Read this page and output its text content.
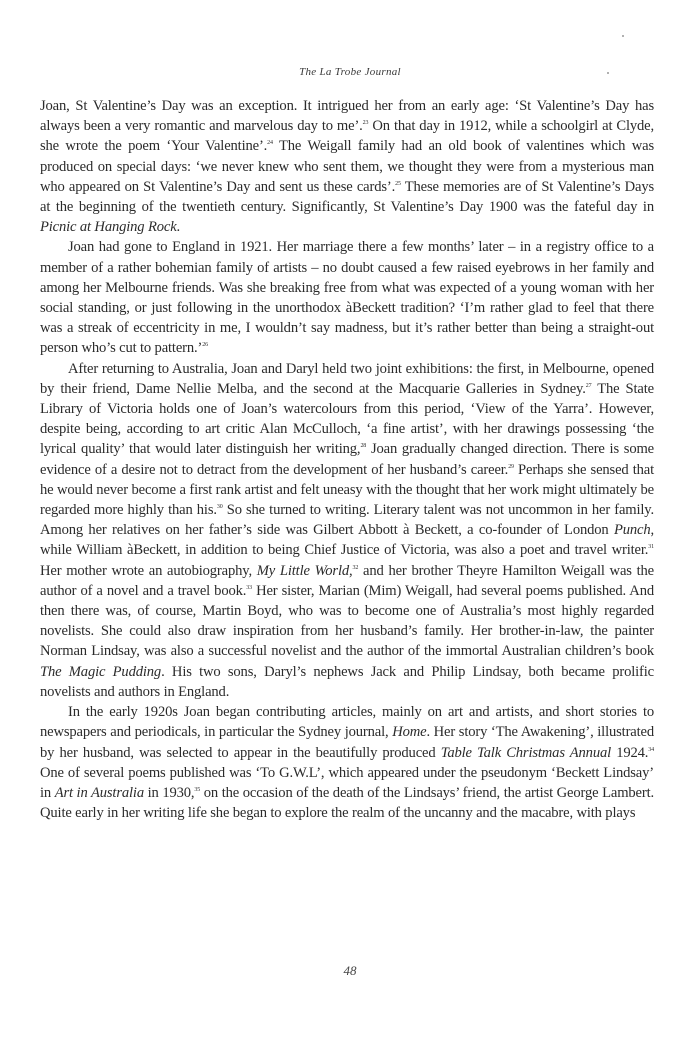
The La Trobe Journal

Joan, St Valentine’s Day was an exception. It intrigued her from an early age: ‘St Valentine’s Day has always been a very romantic and marvelous day to me’.$^{23}$ On that day in 1912, while a schoolgirl at Clyde, she wrote the poem ‘Your Valentine’.$^{24}$ The Weigall family had an old book of valentines which was produced on special days: ‘we never knew who sent them, we thought they were from a mysterious man who appeared on St Valentine’s Day and sent us these cards’.$^{25}$ These memories are of St Valentine’s Days at the beginning of the twentieth century. Significantly, St Valentine’s Day 1900 was the fateful day in Picnic at Hanging Rock.

Joan had gone to England in 1921. Her marriage there a few months’ later – in a registry office to a member of a rather bohemian family of artists – no doubt caused a few raised eyebrows in her family and among her Melbourne friends. Was she breaking free from what was expected of a young woman with her social standing, or just following in the unorthodox àBeckett tradition? ‘I’m rather glad to feel that there was a streak of eccentricity in me, I wouldn’t say madness, but it’s rather better than being a straight-out person who’s cut to pattern.’$^{26}$

After returning to Australia, Joan and Daryl held two joint exhibitions: the first, in Melbourne, opened by their friend, Dame Nellie Melba, and the second at the Macquarie Galleries in Sydney.$^{27}$ The State Library of Victoria holds one of Joan’s watercolours from this period, ‘View of the Yarra’. However, despite being, according to art critic Alan McCulloch, ‘a fine artist’, with her drawings possessing ‘the lyrical quality’ that would later distinguish her writing,$^{28}$ Joan gradually changed direction. There is some evidence of a desire not to detract from the development of her husband’s career.$^{29}$ Perhaps she sensed that he would never become a first rank artist and felt uneasy with the thought that her work might ultimately be regarded more highly than his.$^{30}$ So she turned to writing. Literary talent was not uncommon in her family. Among her relatives on her father’s side was Gilbert Abbott à Beckett, a co-founder of London Punch, while William àBeckett, in addition to being Chief Justice of Victoria, was also a poet and travel writer.$^{31}$ Her mother wrote an autobiography, My Little World,$^{32}$ and her brother Theyre Hamilton Weigall was the author of a novel and a travel book.$^{33}$ Her sister, Marian (Mim) Weigall, had several poems published. And then there was, of course, Martin Boyd, who was to become one of Australia’s most highly regarded novelists. She could also draw inspiration from her husband’s family. Her brother-in-law, the painter Norman Lindsay, was also a successful novelist and the author of the immortal Australian children’s book The Magic Pudding. His two sons, Daryl’s nephews Jack and Philip Lindsay, both became prolific novelists and authors in England.

In the early 1920s Joan began contributing articles, mainly on art and artists, and short stories to newspapers and periodicals, in particular the Sydney journal, Home. Her story ‘The Awakening’, illustrated by her husband, was selected to appear in the beautifully produced Table Talk Christmas Annual 1924.34 One of several poems published was ‘To G.W.L’, which appeared under the pseudonym ‘Beckett Lindsay’ in Art in Australia in 1930,35 on the occasion of the death of the Lindsays’ friend, the artist George Lambert. Quite early in her writing life she began to explore the realm of the uncanny and the macabre, with plays

48
